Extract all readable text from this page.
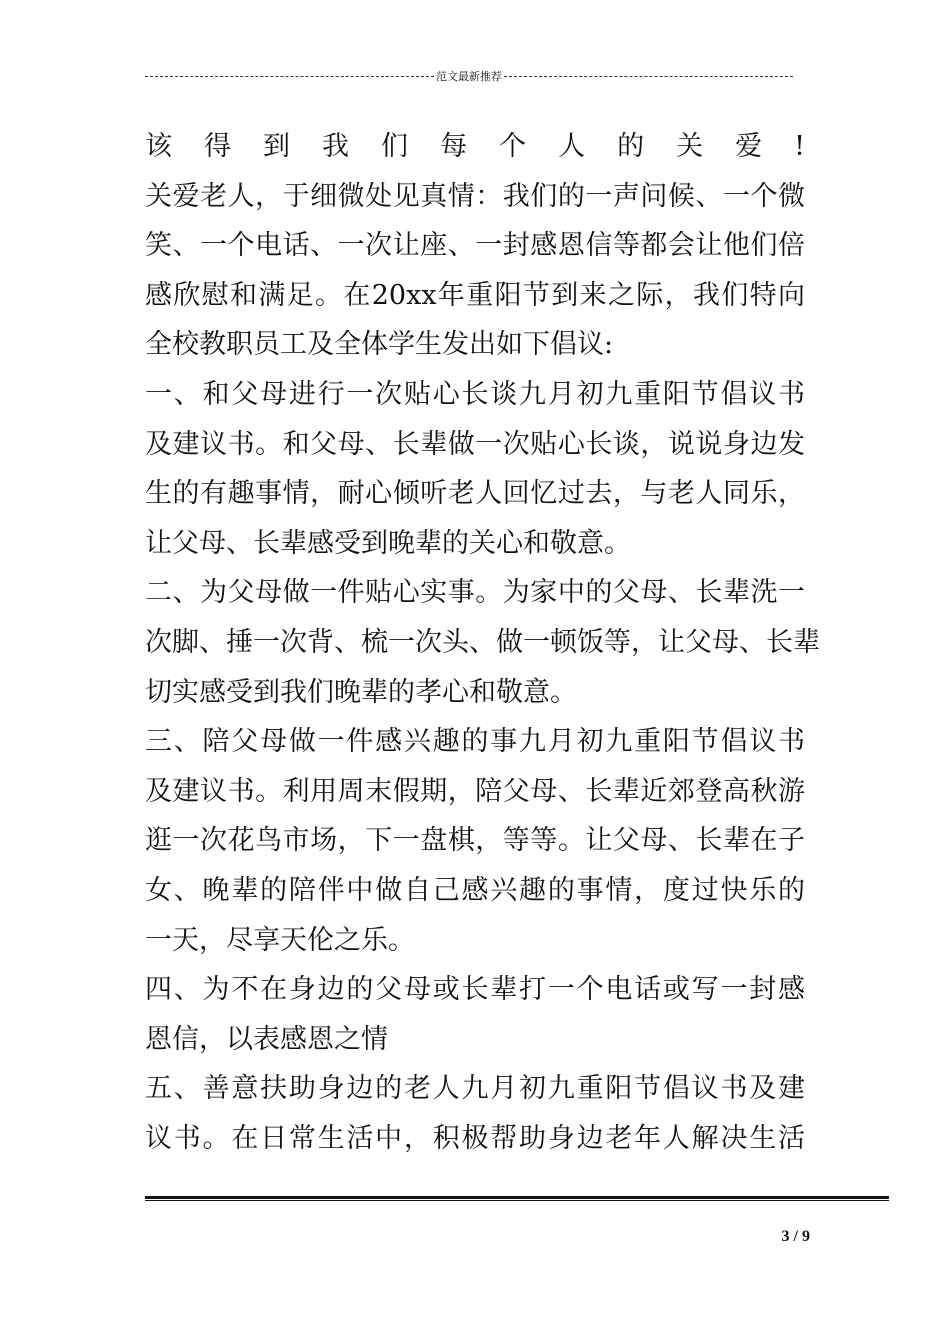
范文最新推荐
该得到我们每个人的关爱!
关爱老人，于细微处见真情：我们的一声问候、一个微
笑、一个电话、一次让座、一封感恩信等都会让他们倍
感欣慰和满足。在20xx年重阳节到来之际，我们特向
全校教职员工及全体学生发出如下倡议:
一、和父母进行一次贴心长谈九月初九重阳节倡议书
及建议书。和父母、长辈做一次贴心长谈，说说身边发
生的有趣事情，耐心倾听老人回忆过去，与老人同乐，
让父母、长辈感受到晚辈的关心和敬意。
二、为父母做一件贴心实事。为家中的父母、长辈洗一
次脚、捶一次背、梳一次头、做一顿饭等，让父母、长辈
切实感受到我们晚辈的孝心和敬意。
三、陪父母做一件感兴趣的事九月初九重阳节倡议书
及建议书。利用周末假期，陪父母、长辈近郊登高秋游
逛一次花鸟市场，下一盘棋，等等。让父母、长辈在子
女、晚辈的陪伴中做自己感兴趣的事情，度过快乐的
一天，尽享天伦之乐。
四、为不在身边的父母或长辈打一个电话或写一封感
恩信，以表感恩之情
五、善意扶助身边的老人九月初九重阳节倡议书及建
议书。在日常生活中，积极帮助身边老年人解决生活
3 / 9
